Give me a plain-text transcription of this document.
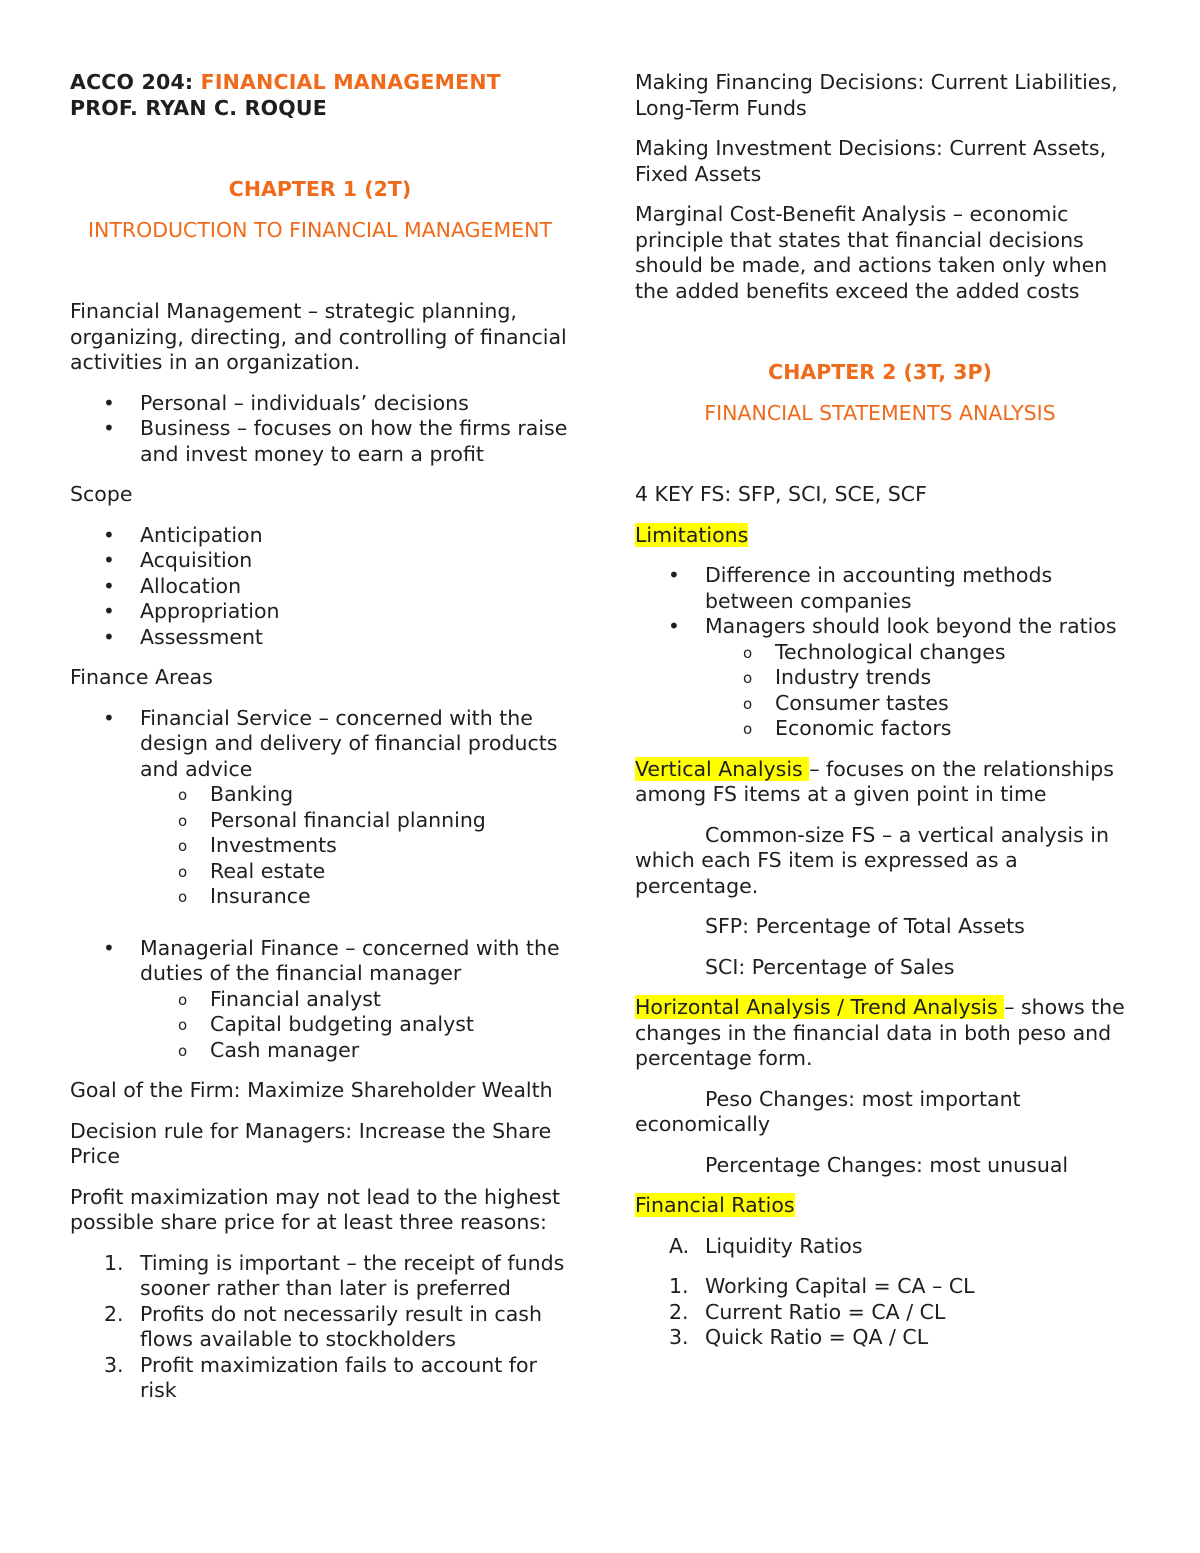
ACCO 204: FINANCIAL MANAGEMENT

PROF. RYAN C. ROQUE

CHAPTER 1 (2T)

INTRODUCTION TO FINANCIAL MANAGEMENT

Financial Management – strategic planning, organizing, directing, and controlling of financial activities in an organization.

• Personal – individuals’ decisions
• Business – focuses on how the firms raise and invest money to earn a profit

Scope

• Anticipation
• Acquisition
• Allocation
• Appropriation
• Assessment

Finance Areas

• Financial Service – concerned with the design and delivery of financial products and advice
o Banking
o Personal financial planning
o Investments
o Real estate
o Insurance
• Managerial Finance – concerned with the duties of the financial manager
o Financial analyst
o Capital budgeting analyst
o Cash manager

Goal of the Firm: Maximize Shareholder Wealth

Decision rule for Managers: Increase the Share Price

Profit maximization may not lead to the highest possible share price for at least three reasons:

1. Timing is important – the receipt of funds sooner rather than later is preferred
2. Profits do not necessarily result in cash flows available to stockholders
3. Profit maximization fails to account for risk

Making Financing Decisions: Current Liabilities, Long-Term Funds

Making Investment Decisions: Current Assets, Fixed Assets

Marginal Cost-Benefit Analysis – economic principle that states that financial decisions should be made, and actions taken only when the added benefits exceed the added costs

CHAPTER 2 (3T, 3P)

FINANCIAL STATEMENTS ANALYSIS

4 KEY FS: SFP, SCI, SCE, SCF

Limitations

• Difference in accounting methods between companies
• Managers should look beyond the ratios
o Technological changes
o Industry trends
o Consumer tastes
o Economic factors

Vertical Analysis – focuses on the relationships among FS items at a given point in time

Common-size FS – a vertical analysis in which each FS item is expressed as a percentage.

SFP: Percentage of Total Assets

SCI: Percentage of Sales

Horizontal Analysis / Trend Analysis – shows the changes in the financial data in both peso and percentage form.

Peso Changes: most important economically

Percentage Changes: most unusual

Financial Ratios

A. Liquidity Ratios
1. Working Capital = CA – CL
2. Current Ratio = CA / CL
3. Quick Ratio = QA / CL
